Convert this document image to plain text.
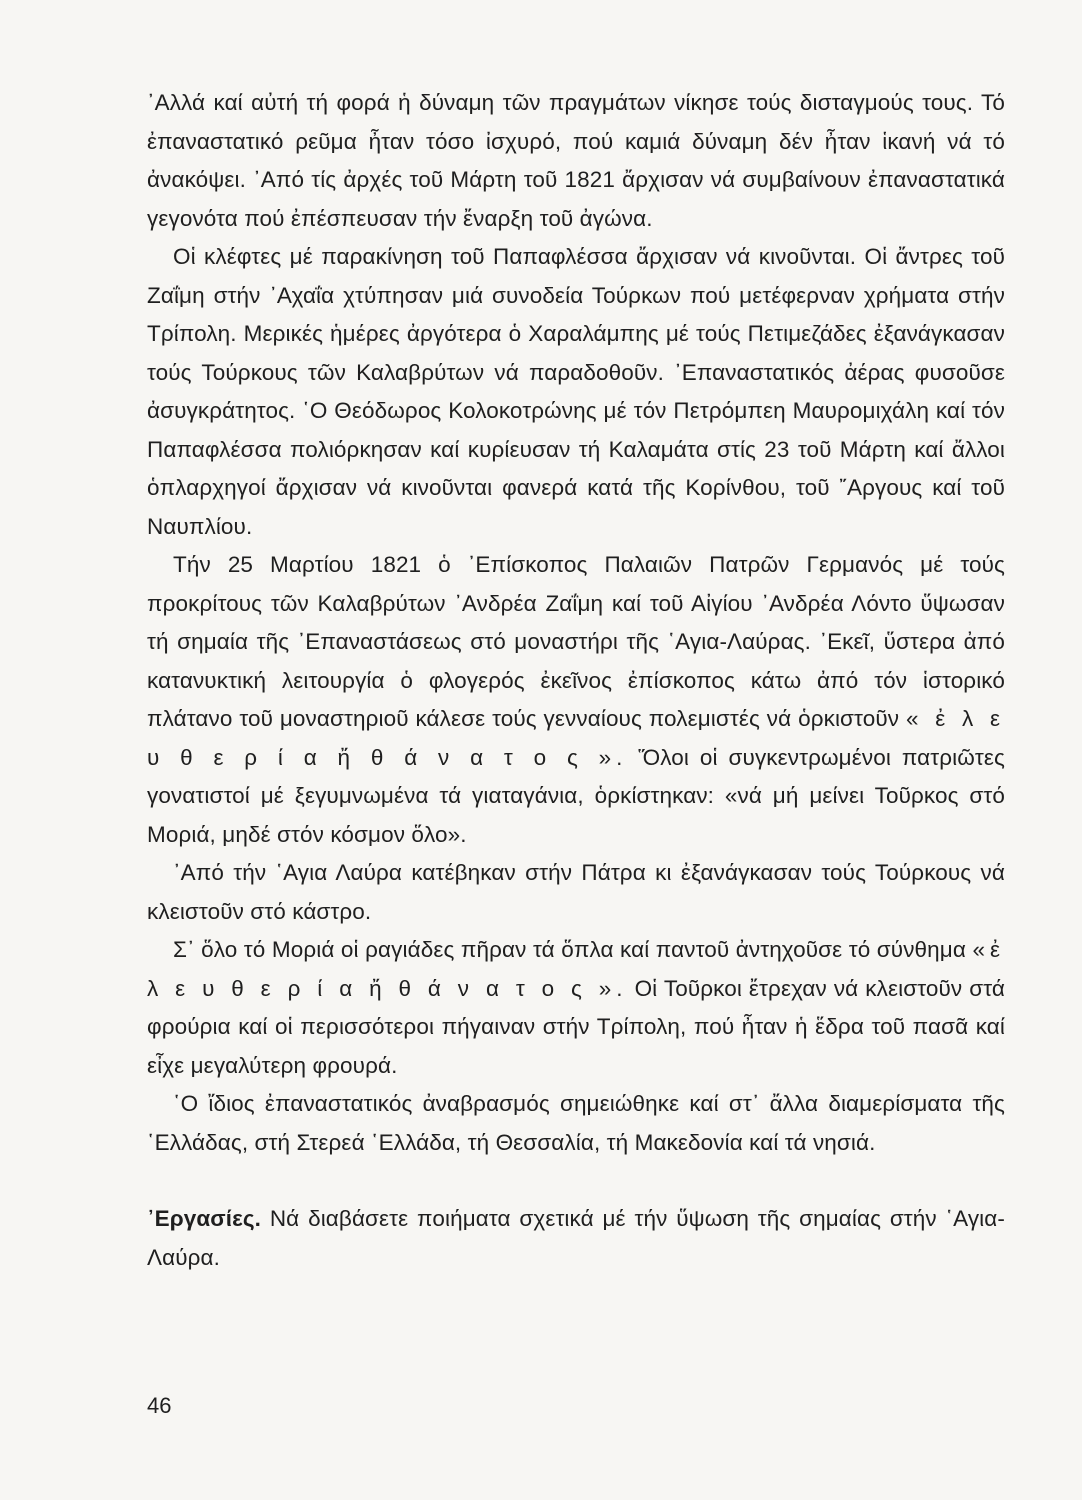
᾿Αλλά καί αὐτή τή φορά ἡ δύναμη τῶν πραγμάτων νίκησε τούς δισταγμούς τους. Τό ἐπαναστατικό ρεῦμα ἦταν τόσο ἰσχυρό, πού καμιά δύναμη δέν ἦταν ἱκανή νά τό ἀνακόψει. ᾿Από τίς ἀρχές τοῦ Μάρτη τοῦ 1821 ἄρχισαν νά συμβαίνουν ἐπαναστατικά γεγονότα πού ἐπέσπευσαν τήν ἔναρξη τοῦ ἀγώνα.

Οἱ κλέφτες μέ παρακίνηση τοῦ Παπαφλέσσα ἄρχισαν νά κινοῦνται. Οἱ ἄντρες τοῦ Ζαΐμη στήν ᾿Αχαΐα χτύπησαν μιά συνοδεία Τούρκων πού μετέφερναν χρήματα στήν Τρίπολη. Μερικές ἡμέρες ἀργότερα ὁ Χαραλάμπης μέ τούς Πετιμεζάδες ἐξανάγκασαν τούς Τούρκους τῶν Καλαβρύτων νά παραδοθοῦν. ᾿Επαναστατικός ἀέρας φυσοῦσε ἀσυγκράτητος. ῾Ο Θεόδωρος Κολοκοτρώνης μέ τόν Πετρόμπεη Μαυρομιχάλη καί τόν Παπαφλέσσα πολιόρκησαν καί κυρίευσαν τή Καλαμάτα στίς 23 τοῦ Μάρτη καί ἄλλοι ὁπλαρχηγοί ἄρχισαν νά κινοῦνται φανερά κατά τῆς Κορίνθου, τοῦ ῎Αργους καί τοῦ Ναυπλίου.

Τήν 25 Μαρτίου 1821 ὁ ᾿Επίσκοπος Παλαιῶν Πατρῶν Γερμανός μέ τούς προκρίτους τῶν Καλαβρύτων ᾿Ανδρέα Ζαΐμη καί τοῦ Αἰγίου ᾿Ανδρέα Λόντο ὕψωσαν τή σημαία τῆς ᾿Επαναστάσεως στό μοναστήρι τῆς ῾Αγια-Λαύρας. ᾿Εκεῖ, ὕστερα ἀπό κατανυκτική λειτουργία ὁ φλογερός ἐκεῖνος ἐπίσκοπος κάτω ἀπό τόν ἱστορικό πλάτανο τοῦ μοναστηριοῦ κάλεσε τούς γενναίους πολεμιστές νά ὁρκιστοῦν « ἐ λ ε υ θ ε ρ ί α ἤ θ ά ν α τ ο ς ». Ὅλοι οἱ συγκεντρωμένοι πατριῶτες γονατιστοί μέ ξεγυμνωμένα τά γιαταγάνια, ὁρκίστηκαν: «νά μή μείνει Τοῦρκος στό Μοριά, μηδέ στόν κόσμον ὅλο».

᾿Από τήν ῾Αγια Λαύρα κατέβηκαν στήν Πάτρα κι ἐξανάγκασαν τούς Τούρκους νά κλειστοῦν στό κάστρο.

Σ᾿ ὅλο τό Μοριά οἱ ραγιάδες πῆραν τά ὅπλα καί παντοῦ ἀντηχοῦσε τό σύνθημα «ἐ λ ε υ θ ε ρ ί α ἤ θ ά ν α τ ο ς ». Οἱ Τοῦρκοι ἔτρεχαν νά κλειστοῦν στά φρούρια καί οἱ περισσότεροι πήγαιναν στήν Τρίπολη, πού ἦταν ἡ ἕδρα τοῦ πασᾶ καί εἶχε μεγαλύτερη φρουρά.

῾Ο ἴδιος ἐπαναστατικός ἀναβρασμός σημειώθηκε καί στ᾿ ἄλλα διαμερίσματα τῆς ῾Ελλάδας, στή Στερεά ῾Ελλάδα, τή Θεσσαλία, τή Μακεδονία καί τά νησιά.

᾿Εργασίες. Νά διαβάσετε ποιήματα σχετικά μέ τήν ὕψωση τῆς σημαίας στήν ῾Αγια-Λαύρα.

46
